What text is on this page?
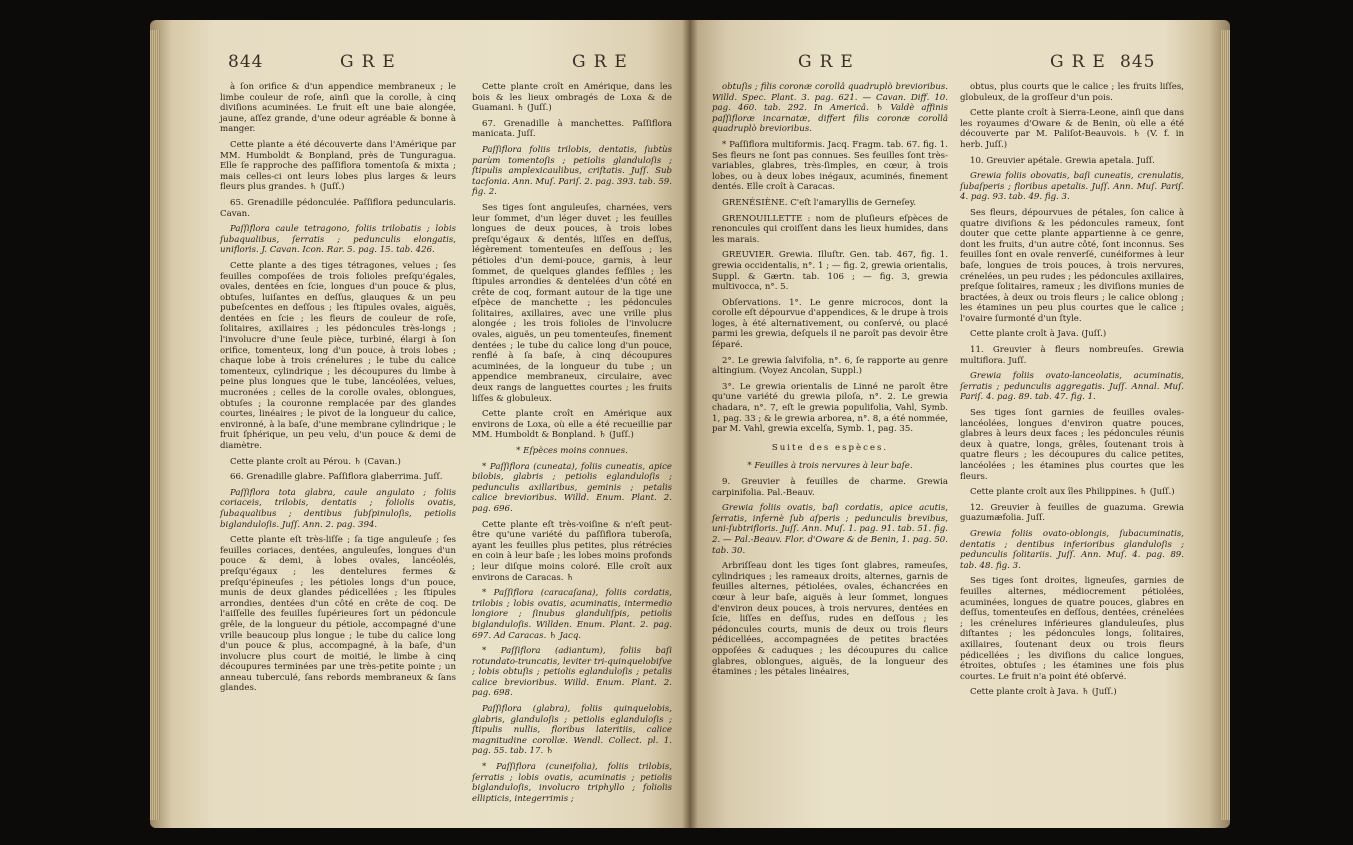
844	GRE	GRE

à ſon orifice & d'un appendice membraneux ; le limbe couleur de roſe, ainſi que la corolle, à cinq diviſions acuminées. Le fruit eſt une baie alongée, jaune, aſſez grande, d'une odeur agréable & bonne à manger.

Cette plante a été découverte dans l'Amérique par MM. Humboldt & Bonpland, près de Tunguragua. Elle ſe rapproche des paſſiflora tomentoſa & mixta ; mais celles-ci ont leurs lobes plus larges & leurs fleurs plus grandes. ♄ (Juſſ.)

65. Grenadille pédonculée. Paſſiflora peduncularis. Cavan.

Paſſiflora caule tetragono, foliis trilobatis ; lobis ſubaqualibus, ſerratis ; pedunculis elongatis, unifloris. J. Cavan. Icon. Rar. 5. pag. 15. tab. 426.

Cette plante a des tiges tétragones, velues ; ſes feuilles compoſées de trois folioles preſqu'égales, ovales, dentées en ſcie, longues d'un pouce & plus, obtuſes, luiſantes en deſſus, glauques & un peu pubeſcentes en deſſous ; les ſtipules ovales, aiguës, dentées en ſcie ; les fleurs de couleur de roſe, ſolitaires, axillaires ; les pédoncules très-longs ; l'involucre d'une ſeule pièce, turbiné, élargi à ſon orifice, tomenteux, long d'un pouce, à trois lobes ; chaque lobe à trois crénelures ; le tube du calice tomenteux, cylindrique ; les découpures du limbe à peine plus longues que le tube, lancéolées, velues, mucronées ; celles de la corolle ovales, oblongues, obtuſes ; la couronne remplacée par des glandes courtes, linéaires ; le pivot de la longueur du calice, environné, à la baſe, d'une membrane cylindrique ; le fruit ſphérique, un peu velu, d'un pouce & demi de diamètre.

Cette plante croît au Pérou. ♄ (Cavan.)

66. Grenadille glabre. Paſſiflora glaberrima. Juſſ.

Paſſiflora tota glabra, caule angulato ; foliis coriaceis, trilobis, dentatis ; foliolis ovatis, ſubaqualibus ; dentibus ſubſpinuloſis, petiolis biglanduloſis. Juſſ. Ann. 2. pag. 394.

Cette plante eſt très-liſſe ; ſa tige anguleuſe ; ſes feuilles coriaces, dentées, anguleuſes, longues d'un pouce & demi, à lobes ovales, lancéolés, preſqu'égaux ; les dentelures fermes & preſqu'épineuſes ; les pétioles longs d'un pouce, munis de deux glandes pédicellées ; les ſtipules arrondies, dentées d'un côté en crête de coq. De l'aiſſelle des feuilles ſupérieures ſort un pédoncule grêle, de la longueur du pétiole, accompagné d'une vrille beaucoup plus longue ; le tube du calice long d'un pouce & plus, accompagné, à la baſe, d'un involucre plus court de moitié, le limbe à cinq découpures terminées par une très-petite pointe ; un anneau tuberculé, ſans rebords membraneux & ſans glandes.

Cette plante croît en Amérique, dans les bois & les lieux ombragés de Loxa & de Guamani. ♄ (Juſſ.)

67. Grenadille à manchettes. Paſſiflora manicata. Juſſ.

Paſſiflora foliis trilobis, dentatis, ſubtùs parùm tomentoſis ; petiolis glanduloſis ; ſtipulis amplexicaulibus, criſtatis. Juſſ. Sub tacſonia. Ann. Muſ. Pariſ. 2. pag. 393. tab. 59. fig. 2.

Ses tiges ſont anguleuſes, charnées, vers leur ſommet, d'un léger duvet ; les feuilles longues de deux pouces, à trois lobes preſqu'égaux & dentés, liſſes en deſſus, légèrement tomenteuſes en deſſous ; les pétioles d'un demi-pouce, garnis, à leur ſommet, de quelques glandes ſeſſiles ; les ſtipules arrondies & dentelées d'un côté en crête de coq, formant autour de la tige une eſpèce de manchette ; les pédoncules ſolitaires, axillaires, avec une vrille plus alongée ; les trois folioles de l'involucre ovales, aiguës, un peu tomenteuſes, finement dentées ; le tube du calice long d'un pouce, renflé à ſa baſe, à cinq découpures acuminées, de la longueur du tube ; un appendice membraneux, circulaire, avec deux rangs de languettes courtes ; les fruits liſſes & globuleux.

Cette plante croît en Amérique aux environs de Loxa, où elle a été recueillie par MM. Humboldt & Bonpland. ♄ (Juſſ.)

* Eſpèces moins connues.

* Paſſiflora (cuneata), foliis cuneatis, apice bilobis, glabris ; petiolis eglanduloſis ; pedunculis axillaribus, geminis ; petalis calice brevioribus. Willd. Enum. Plant. 2. pag. 696.

Cette plante eſt très-voiſine & n'eſt peut-être qu'une variété du paſſiflora tuberoſa, ayant les feuilles plus petites, plus rétrécies en coin à leur baſe ; les lobes moins profonds ; leur diſque moins coloré. Elle croît aux environs de Caracas. ♄

* Paſſiflora (caracaſana), foliis cordatis, trilobis ; lobis ovatis, acuminatis, intermedio longiore ; ſinubus glanduliſpis, petiolis biglanduloſis. Willden. Enum. Plant. 2. pag. 697. Ad Caracas. ♄ Jacq.

* Paſſiflora (adiantum), foliis baſi rotundato-truncatis, leviter tri-quinquelobiſve ; lobis obtuſis ; petiolis eglanduloſis ; petalis calice brevioribus. Willd. Enum. Plant. 2. pag. 698.

Paſſiflora (glabra), foliis quinquelobis, glabris, glanduloſis ; petiolis eglanduloſis ; ſtipulis nullis, floribus lateritiis, calice magnitudine corollæ. Wendl. Collect. pl. 1. pag. 55. tab. 17. ♄

* Paſſiflora (cuneifolia), foliis trilobis, ſerratis ; lobis ovatis, acuminatis ; petiolis biglanduloſis, involucro triphyllo ; foliolis ellipticis, integerrimis ;

GRE	GRE 845

obtuſis ; filis coronæ corollâ quadruplò brevioribus. Willd. Spec. Plant. 3. pag. 621. — Cavan. Diff. 10. pag. 460. tab. 292. In Americâ. ♄ Valdè affinis paſſifloræ incarnatæ, differt filis coronæ corollâ quadruplò brevioribus.

* Paſſiflora multiformis. Jacq. Fragm. tab. 67. fig. 1. Ses fleurs ne ſont pas connues. Ses feuilles ſont très-variables, glabres, très-ſimples, en cœur, à trois lobes, ou à deux lobes inégaux, acuminés, finement dentés. Elle croît à Caracas.

GRENÉSIÈNE. C'eſt l'amaryllis de Gerneſey.

GRENOUILLETTE : nom de pluſieurs eſpèces de renoncules qui croiſſent dans les lieux humides, dans les marais.

GREUVIER. Grewia. Illuſtr. Gen. tab. 467, fig. 1. grewia occidentalis, n°. 1 ; — fig. 2, grewia orientalis, Suppl. & Gærtn. tab. 106 ; — fig. 3, grewia multivocca, n°. 5.

Obſervations. 1°. Le genre microcos, dont la corolle eſt dépourvue d'appendices, & le drupe à trois loges, à été alternativement, ou conſervé, ou placé parmi les grewia, deſquels il ne paroît pas devoir être ſéparé.

2°. Le grewia ſalvifolia, n°. 6, ſe rapporte au genre altingium. (Voyez Ancolan, Suppl.)

3°. Le grewia orientalis de Linné ne paroît être qu'une variété du grewia piloſa, n°. 2. Le grewia chadara, n°. 7, eſt le grewia populifolia, Vahl, Symb. 1, pag. 33 ; & le grewia arborea, n°. 8, a été nommée, par M. Vahl, grewia excelſa, Symb. 1, pag. 35.

Suite des espèces.

* Feuilles à trois nervures à leur baſe.

9. Greuvier à feuilles de charme. Grewia carpinifolia. Pal.-Beauv.

Grewia foliis ovatis, baſi cordatis, apice acutis, ſerratis, infernè ſub aſperis ; pedunculis brevibus, uni-ſubtrifloris. Juſſ. Ann. Muſ. 1. pag. 91. tab. 51. fig. 2. — Pal.-Beauv. Flor. d'Oware & de Benin, 1. pag. 50. tab. 30.

Arbriſſeau dont les tiges ſont glabres, rameuſes, cylindriques ; les rameaux droits, alternes, garnis de feuilles alternes, pétiolées, ovales, échancrées en cœur à leur baſe, aiguës à leur ſommet, longues d'environ deux pouces, à trois nervures, dentées en ſcie, liſſes en deſſus, rudes en deſſous ; les pédoncules courts, munis de deux ou trois fleurs pédicellées, accompagnées de petites bractées oppoſées & caduques ; les découpures du calice glabres, oblongues, aiguës, de la longueur des étamines ; les pétales linéaires,

obtus, plus courts que le calice ; les fruits liſſes, globuleux, de la groſſeur d'un pois.

Cette plante croît à Sierra-Leone, ainſi que dans les royaumes d'Oware & de Benin, où elle a été découverte par M. Paliſot-Beauvois. ♄ (V. f. in herb. Juſſ.)

10. Greuvier apétale. Grewia apetala. Juſſ.

Grewia foliis obovatis, baſi cuneatis, crenulatis, ſubaſperis ; floribus apetalis. Juſſ. Ann. Muſ. Pariſ. 4. pag. 93. tab. 49. fig. 3.

Ses fleurs, dépourvues de pétales, ſon calice à quatre diviſions & les pédoncules rameux, ſont douter que cette plante appartienne à ce genre, dont les fruits, d'un autre côté, ſont inconnus. Ses feuilles ſont en ovale renverſé, cunéiformes à leur baſe, longues de trois pouces, à trois nervures, crénelées, un peu rudes ; les pédoncules axillaires, preſque ſolitaires, rameux ; les diviſions munies de bractées, à deux ou trois fleurs ; le calice oblong ; les étamines un peu plus courtes que le calice ; l'ovaire ſurmonté d'un ſtyle.

Cette plante croît à Java. (Juſſ.)

11. Greuvier à fleurs nombreuſes. Grewia multiflora. Juſſ.

Grewia foliis ovato-lanceolatis, acuminatis, ſerratis ; pedunculis aggregatis. Juſſ. Annal. Muſ. Pariſ. 4. pag. 89. tab. 47. fig. 1.

Ses tiges ſont garnies de feuilles ovales-lancéolées, longues d'environ quatre pouces, glabres à leurs deux faces ; les pédoncules réunis deux à quatre, longs, grêles, ſoutenant trois à quatre fleurs ; les découpures du calice petites, lancéolées ; les étamines plus courtes que les fleurs.

Cette plante croît aux îles Philippines. ♄ (Juſſ.)

12. Greuvier à feuilles de guazuma. Grewia guazumæfolia. Juſſ.

Grewia foliis ovato-oblongis, ſubacuminatis, dentatis ; dentibus inferioribus glanduloſis ; pedunculis ſolitariis. Juſſ. Ann. Muſ. 4. pag. 89. tab. 48. fig. 3.

Ses tiges ſont droites, ligneuſes, garnies de feuilles alternes, médiocrement pétiolées, acuminées, longues de quatre pouces, glabres en deſſus, tomenteuſes en deſſous, dentées, crénelées ; les crénelures inférieures glanduleuſes, plus diſtantes ; les pédoncules longs, ſolitaires, axillaires, ſoutenant deux ou trois fleurs pédicellées ; les diviſions du calice longues, étroites, obtuſes ; les étamines une fois plus courtes. Le fruit n'a point été obſervé.

Cette plante croît à Java. ♄ (Juſſ.)
